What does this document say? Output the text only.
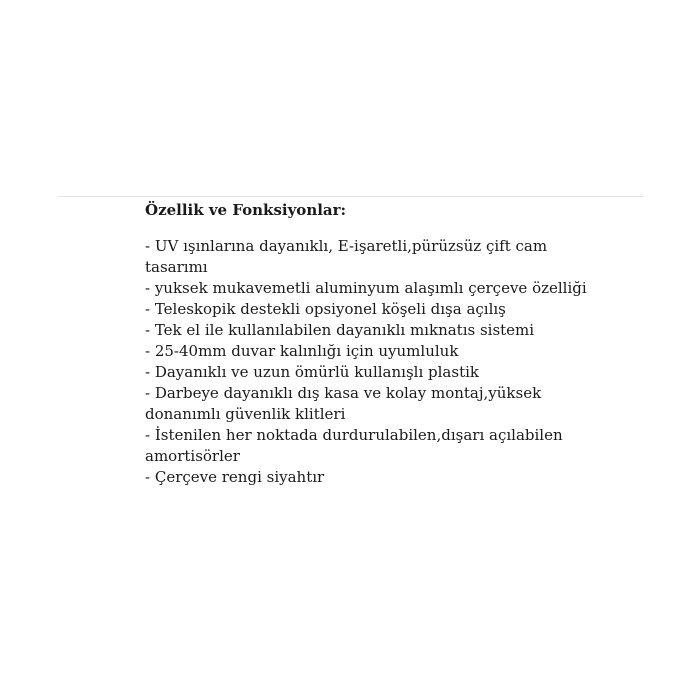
Özellik ve Fonksiyonlar:

- UV ışınlarına dayanıklı, E-işaretli,pürüzsüz çift cam
tasarımı
- yuksek mukavemetli aluminyum alaşımlı çerçeve özelliği
- Teleskopik destekli opsiyonel köşeli dışa açılış
- Tek el ile kullanılabilen dayanıklı mıknatıs sistemi
- 25-40mm duvar kalınlığı için uyumluluk
- Dayanıklı ve uzun ömürlü kullanışlı plastik
- Darbeye dayanıklı dış kasa ve kolay montaj,yüksek
donanımlı güvenlik klitleri
- İstenilen her noktada durdurulabilen,dışarı açılabilen
amortisörler
- Çerçeve rengi siyahtır
